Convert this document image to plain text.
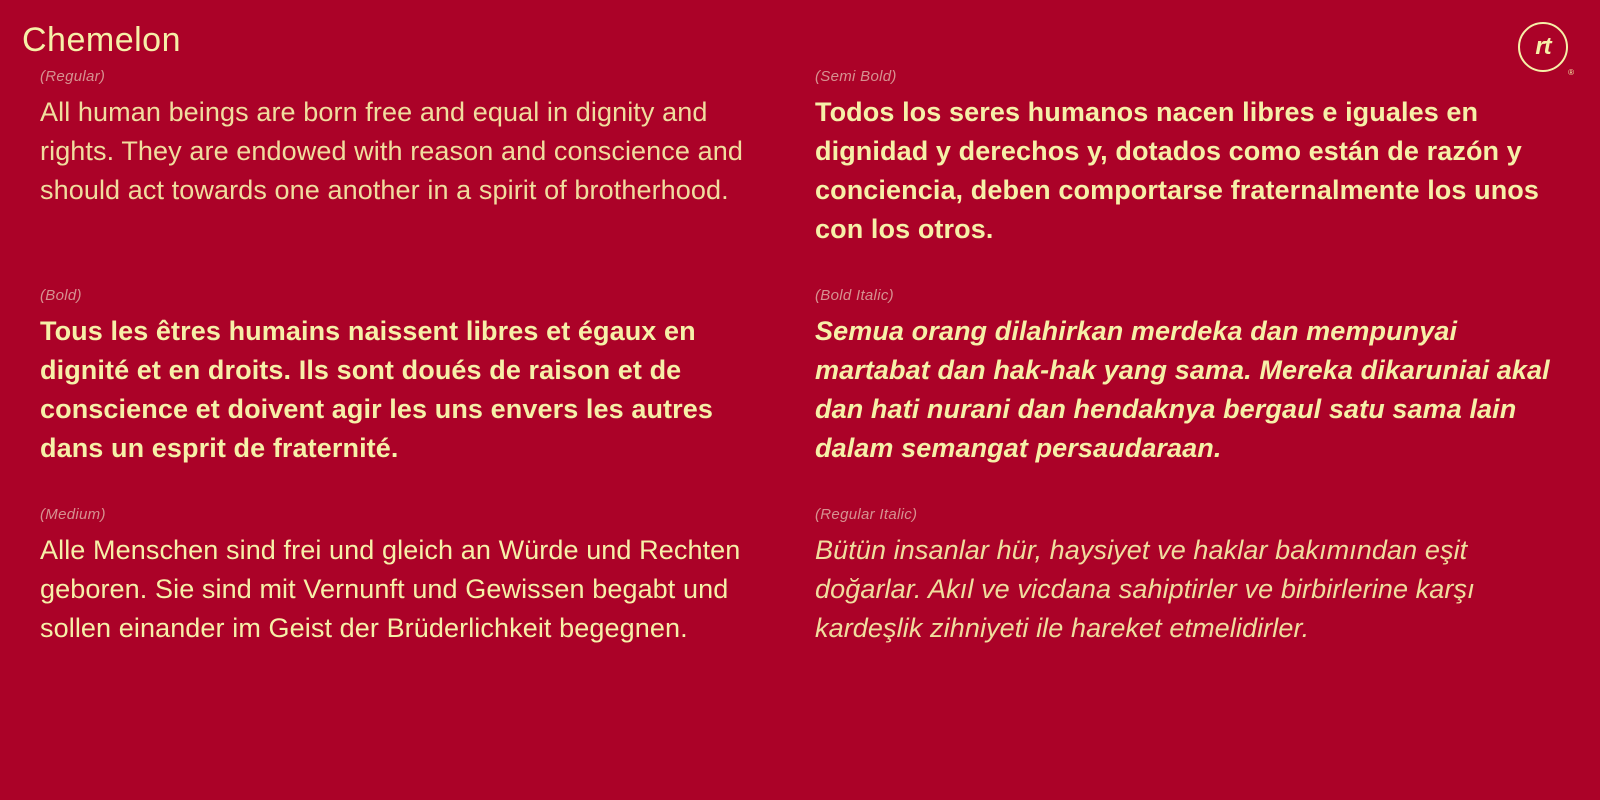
Chemelon	rt
®
(Regular)
All human beings are born free and equal in dignity and rights. They are endowed with reason and conscience and should act towards one another in a spirit of brotherhood.
(Semi Bold)
Todos los seres humanos nacen libres e iguales en dignidad y derechos y, dotados como están de razón y conciencia, deben comportarse fraternalmente los unos con los otros.
(Bold)
Tous les êtres humains naissent libres et égaux en dignité et en droits. Ils sont doués de raison et de conscience et doivent agir les uns envers les autres dans un esprit de fraternité.
(Bold Italic)
Semua orang dilahirkan merdeka dan mempunyai martabat dan hak-hak yang sama. Mereka dikaruniai akal dan hati nurani dan hendaknya bergaul satu sama lain dalam semangat persaudaraan.
(Medium)
Alle Menschen sind frei und gleich an Würde und Rechten geboren. Sie sind mit Vernunft und Gewissen begabt und sollen einander im Geist der Brüderlichkeit begegnen.
(Regular Italic)
Bütün insanlar hür, haysiyet ve haklar bakımından eşit doğarlar. Akıl ve vicdana sahiptirler ve birbirlerine karşı kardeşlik zihniyeti ile hareket etmelidirler.
